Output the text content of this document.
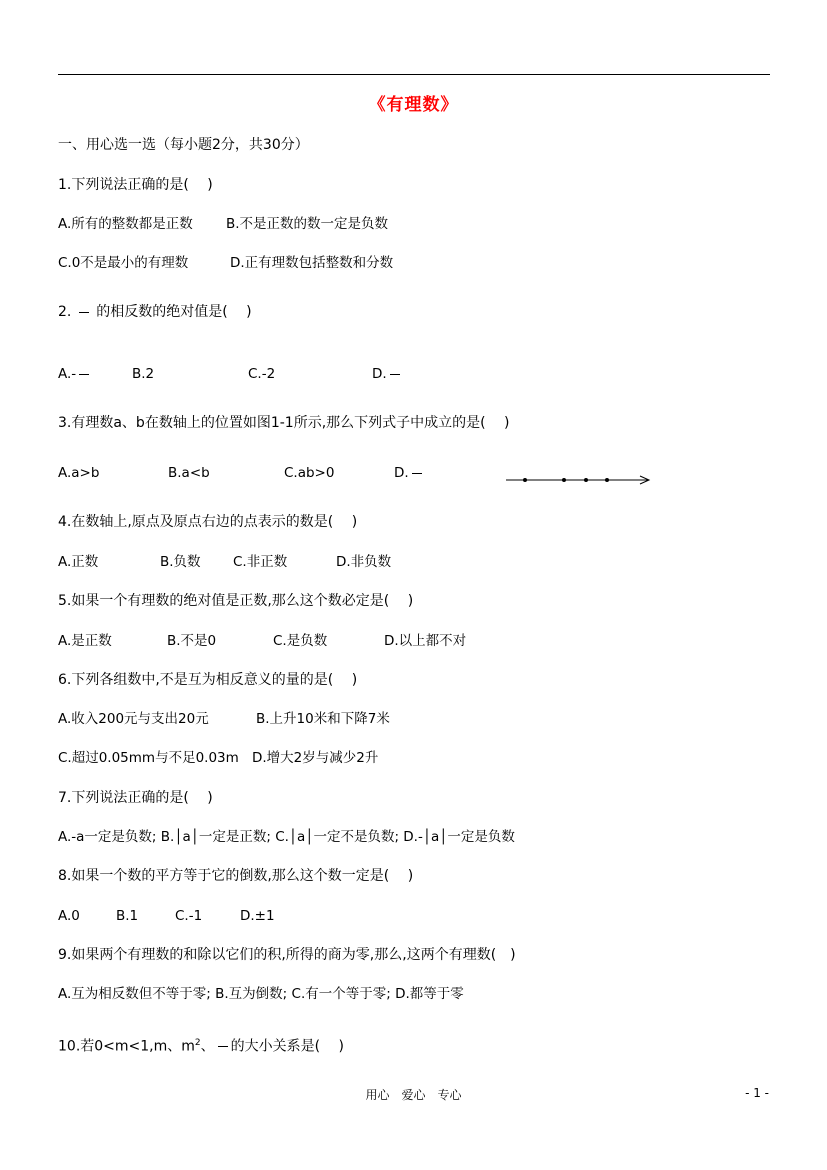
《有理数》
一、用心选一选（每小题2分，共30分）
1.下列说法正确的是(　 )
A.所有的整数都是正数 B.不是正数的数一定是负数
C.0不是最小的有理数	D.正有理数包括整数和分数
2. 的相反数的绝对值是(　 )
A.-	B.2	C.-2	D.
3.有理数a、b在数轴上的位置如图1-1所示,那么下列式子中成立的是(　 )
A.a>b	B.a<b	C.ab>0	D.
4.在数轴上,原点及原点右边的点表示的数是(　 )
A.正数	B.负数 C.非正数	D.非负数
5.如果一个有理数的绝对值是正数,那么这个数必定是(　 )
A.是正数	B.不是0	C.是负数	D.以上都不对
6.下列各组数中,不是互为相反意义的量的是(　 )
A.收入200元与支出20元	B.上升10米和下降7米
C.超过0.05mm与不足0.03m D.增大2岁与减少2升
7.下列说法正确的是(　 )
A.-a一定是负数; B.│a│一定是正数; C.│a│一定不是负数; D.-│a│一定是负数
8.如果一个数的平方等于它的倒数,那么这个数一定是(　 )
A.0	B.1	C.-1	D.±1
9.如果两个有理数的和除以它们的积,所得的商为零,那么,这两个有理数(　)
A.互为相反数但不等于零; B.互为倒数; C.有一个等于零; D.都等于零
10.若0<m<1,m、$m^2$、 的大小关系是(　 )
用心　爱心　专心	- 1 -
